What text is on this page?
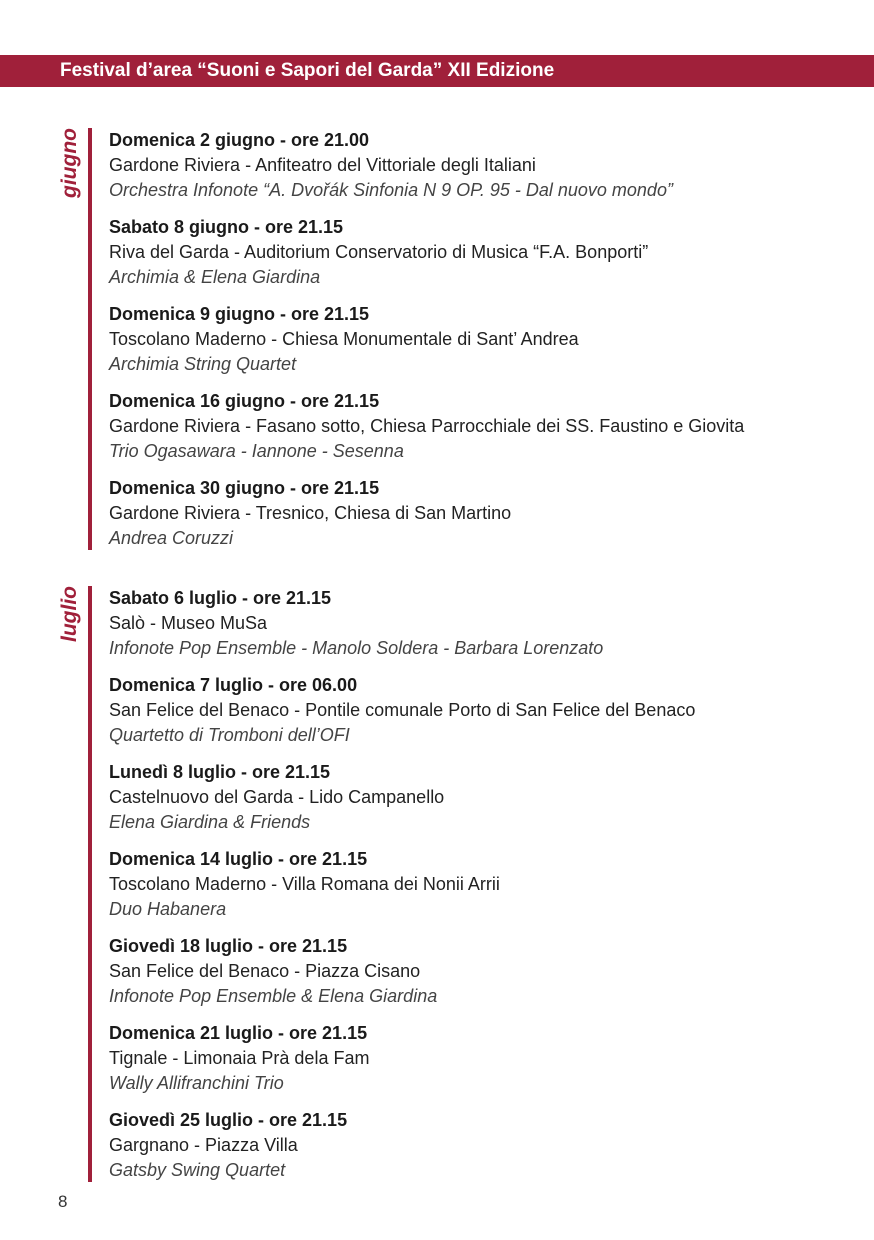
Festival d’area “Suoni e Sapori del Garda” XII Edizione
giugno Domenica 2 giugno - ore 21.00
Gardone Riviera - Anfiteatro del Vittoriale degli Italiani
Orchestra Infonote “A. Dvořák Sinfonia N 9 OP. 95 - Dal nuovo mondo”
Sabato 8 giugno - ore 21.15
Riva del Garda - Auditorium Conservatorio di Musica “F.A. Bonporti”
Archimia & Elena Giardina
Domenica 9 giugno - ore 21.15
Toscolano Maderno - Chiesa Monumentale di Sant’ Andrea
Archimia String Quartet
Domenica 16 giugno - ore 21.15
Gardone Riviera - Fasano sotto, Chiesa Parrocchiale dei SS. Faustino e Giovita
Trio Ogasawara - Iannone - Sesenna
Domenica 30 giugno - ore 21.15
Gardone Riviera - Tresnico, Chiesa di San Martino
Andrea Coruzzi
luglio Sabato 6 luglio - ore 21.15
Salò - Museo MuSa
Infonote Pop Ensemble - Manolo Soldera - Barbara Lorenzato
Domenica 7 luglio - ore 06.00
San Felice del Benaco - Pontile comunale Porto di San Felice del Benaco
Quartetto di Tromboni dell’OFI
Lunedì 8 luglio - ore 21.15
Castelnuovo del Garda - Lido Campanello
Elena Giardina & Friends
Domenica 14 luglio - ore 21.15
Toscolano Maderno - Villa Romana dei Nonii Arrii
Duo Habanera
Giovedì 18 luglio - ore 21.15
San Felice del Benaco - Piazza Cisano
Infonote Pop Ensemble & Elena Giardina
Domenica 21 luglio - ore 21.15
Tignale - Limonaia Prà dela Fam
Wally Allifranchini Trio
Giovedì 25 luglio - ore 21.15
Gargnano - Piazza Villa
Gatsby Swing Quartet
8
